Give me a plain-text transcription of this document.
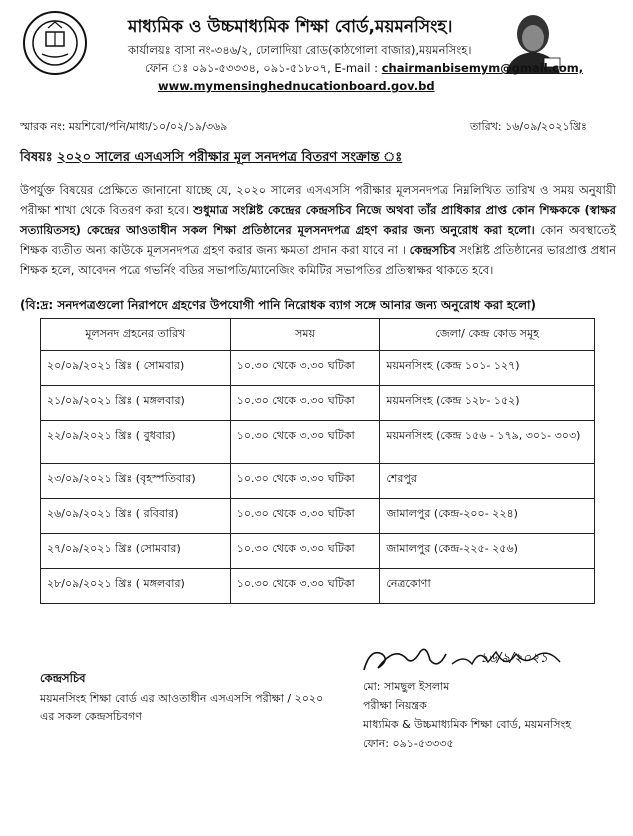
মাধ্যমিক ও উচ্চমাধ্যমিক শিক্ষা বোর্ড,ময়মনসিংহ।
কার্যালয়ঃ বাসা নং-৩৪৬/২, ঢোলাদিয়া রোড(কাঠগোলা বাজার),ময়মনসিংহ।
ফোন ঃ ০৯১-৫৩৩৩৪, ০৯১-৫১৮০৭, E-mail : chairmanbisemym@gmail.com,
www.mymensinghednucationboard.gov.bd
স্মারক নং: ময়শিবো/পনি/মাধ্য/১০/০২/১৯/৩৬৯	তারিখ: ১৬/০৯/২০২১খ্রিঃ
বিষয়ঃ ২০২০ সালের এসএসসি পরীক্ষার মূল সনদপত্র বিতরণ সংক্রান্ত ঃ
উপর্যুক্ত বিষয়ের প্রেক্ষিতে জানানো যাচ্ছে যে, ২০২০ সালের এসএসসি পরীক্ষার মূলসনদপত্র নিম্নলিখিত তারিখ ও সময় অনুযায়ী পরীক্ষা শাখা থেকে বিতরণ করা হবে। শুধুমাত্র সংশ্লিষ্ট কেন্দ্রের কেন্দ্রসচিব নিজে অথবা তাঁর প্রাধিকার প্রাপ্ত কোন শিক্ষককে (স্বাক্ষর সত্যায়িতসহ) কেন্দ্রের আওতাধীন সকল শিক্ষা প্রতিষ্ঠানের মূলসনদপত্র গ্রহণ করার জন্য অনুরোধ করা হলো। কোন অবস্থাতেই শিক্ষক ব্যতীত অন্য কাউকে মূলসনদপত্র গ্রহণ করার জন্য ক্ষমতা প্রদান করা যাবে না । কেন্দ্রসচিব সংশ্লিষ্ট প্রতিষ্ঠানের ভারপ্রাপ্ত প্রধান শিক্ষক হলে, আবেদন পত্রে গভর্নিং বডির সভাপতি/ম্যানেজিং কমিটির সভাপতির প্রতিস্বাক্ষর থাকতে হবে।
(বি:দ্র: সনদপত্রগুলো নিরাপদে গ্রহণের উপযোগী পানি নিরোধক ব্যাগ সঙ্গে আনার জন্য অনুরোধ করা হলো)
মূলসনদ গ্রহনের তারিখ	সময়	জেলা/ কেন্দ্র কোড সমূহ
২০/০৯/২০২১ খ্রিঃ ( সোমবার)	১০.৩০ থেকে ৩.৩০ ঘটিকা	ময়মনসিংহ (কেন্দ্র ১০১- ১২৭)
২১/০৯/২০২১ খ্রিঃ ( মঙ্গলবার)	১০.৩০ থেকে ৩.৩০ ঘটিকা	ময়মনসিংহ (কেন্দ্র ১২৮- ১৫২)
২২/০৯/২০২১ খ্রিঃ ( বুধবার)	১০.৩০ থেকে ৩.৩০ ঘটিকা	ময়মনসিংহ (কেন্দ্র ১৫৬ - ১৭৯, ৩০১- ৩০৩)
২৩/০৯/২০২১ খ্রিঃ (বৃহস্পতিবার)	১০.৩০ থেকে ৩.৩০ ঘটিকা	শেরপুর
২৬/০৯/২০২১ খ্রিঃ ( রবিবার)	১০.৩০ থেকে ৩.৩০ ঘটিকা	জামালপুর (কেন্দ্র-২০০- ২২৪)
২৭/০৯/২০২১ খ্রিঃ (সোমবার)	১০.৩০ থেকে ৩.৩০ ঘটিকা	জামালপুর (কেন্দ্র-২২৫- ২৫৬)
২৮/০৯/২০২১ খ্রিঃ ( মঙ্গলবার)	১০.৩০ থেকে ৩.৩০ ঘটিকা	নেত্রকোণা
১৬/৯/২০২১
কেন্দ্রসচিব
ময়মনসিংহ শিক্ষা বোর্ড এর আওতাধীন এসএসসি পরীক্ষা / ২০২০
এর সকল কেন্দ্রসচিবগণ
মো: সামছুল ইসলাম
পরীক্ষা নিয়ন্ত্রক
মাধ্যমিক & উচ্চমাধ্যমিক শিক্ষা বোর্ড, ময়মনসিংহ
ফোন: ০৯১-৫৩৩৩৫
